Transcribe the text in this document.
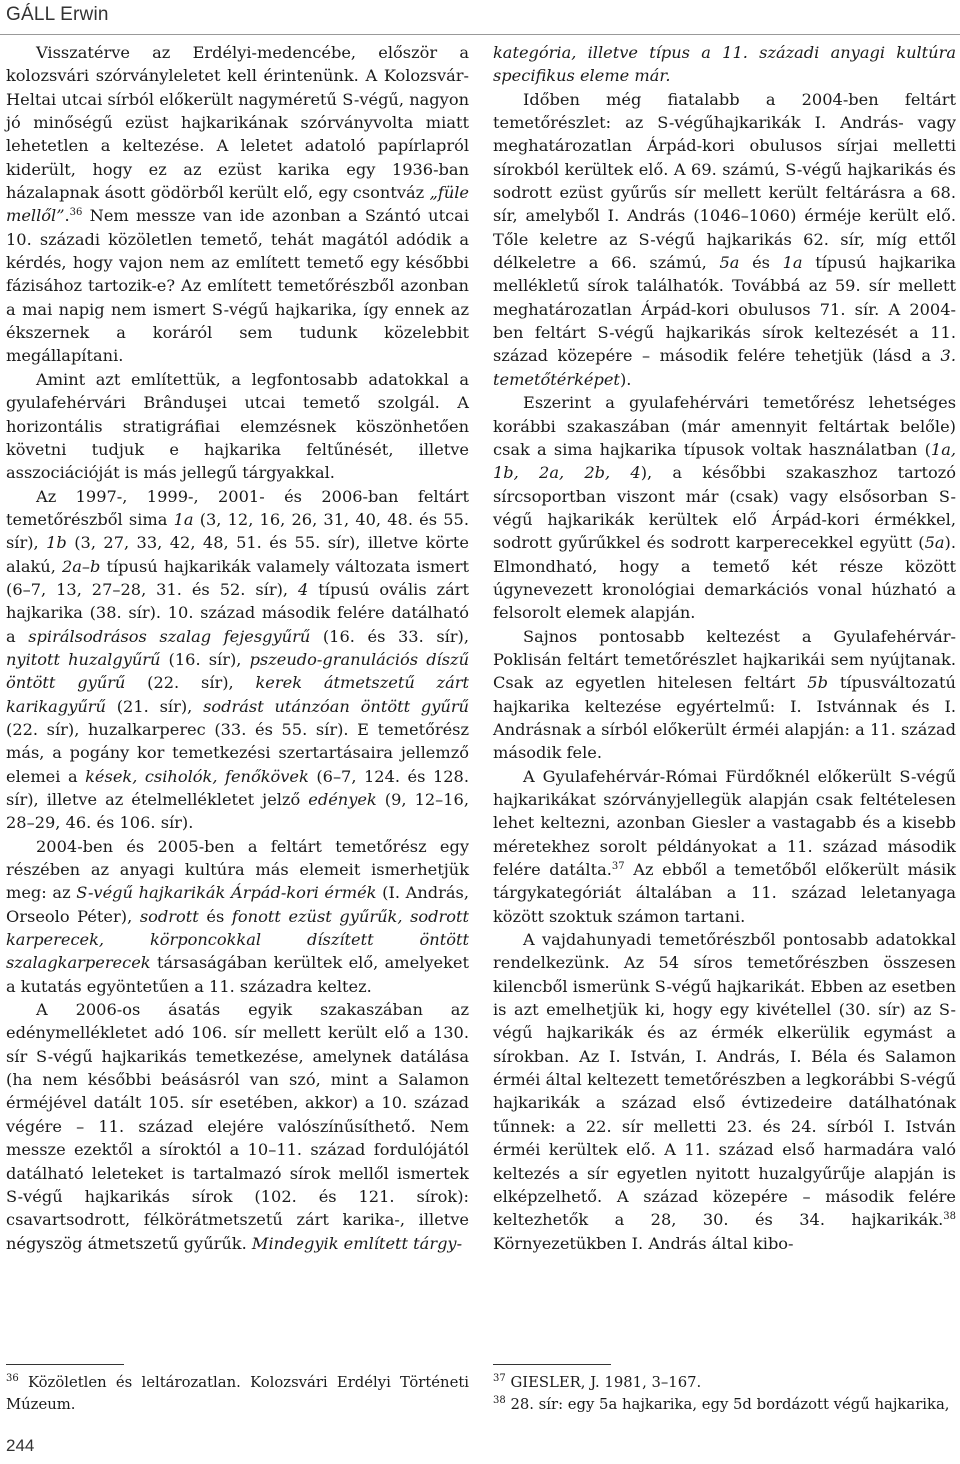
GÁLL Erwin

Visszatérve az Erdélyi-medencébe, először a kolozsvári szórványleletet kell érintenünk. A Kolozsvár-Heltai utcai sírból előkerült nagyméretű S-végű, nagyon jó minőségű ezüst hajkarikának szórványvolta miatt lehetetlen a keltezése. A leletet adatoló papírlapról kiderült, hogy ez az ezüst karika egy 1936-ban házalapnak ásott gödörből került elő, egy csontváz „füle mellől”.$^{36}$ Nem messze van ide azonban a Szántó utcai 10. századi közöletlen temető, tehát magától adódik a kérdés, hogy vajon nem az említett temető egy későbbi fázisához tartozik-e? Az említett temetőrészből azonban a mai napig nem ismert S-végű hajkarika, így ennek az ékszernek a koráról sem tudunk közelebbit megállapítani.

Amint azt említettük, a legfontosabb adatokkal a gyulafehérvári Brânduşei utcai temető szolgál. A horizontális stratigráfiai elemzésnek köszönhetően követni tudjuk e hajkarika feltűnését, illetve asszociációját is más jellegű tárgyakkal.

Az 1997-, 1999-, 2001- és 2006-ban feltárt temetőrészből sima 1a (3, 12, 16, 26, 31, 40, 48. és 55. sír), 1b (3, 27, 33, 42, 48, 51. és 55. sír), illetve körte alakú, 2a–b típusú hajkarikák valamely változata ismert (6–7, 13, 27–28, 31. és 52. sír), 4 típusú ovális zárt hajkarika (38. sír). 10. század második felére datálható a spirálsodrásos szalag fejesgyűrű (16. és 33. sír), nyitott huzalgyűrű (16. sír), pszeudo-granulációs díszű öntött gyűrű (22. sír), kerek átmetszetű zárt karikagyűrű (21. sír), sodrást utánzóan öntött gyűrű (22. sír), huzalkarperec (33. és 55. sír). E temetőrész más, a pogány kor temetkezési szertartásaira jellemző elemei a kések, csiholók, fenőkövek (6–7, 124. és 128. sír), illetve az ételmellékletet jelző edények (9, 12–16, 28–29, 46. és 106. sír).

2004-ben és 2005-ben a feltárt temetőrész egy részében az anyagi kultúra más elemeit ismerhetjük meg: az S-végű hajkarikák Árpád-kori érmék (I. András, Orseolo Péter), sodrott és fonott ezüst gyűrűk, sodrott karperecek, körponcokkal díszített öntött szalagkarperecek társaságában kerültek elő, amelyeket a kutatás egyöntetűen a 11. századra keltez.

A 2006-os ásatás egyik szakaszában az edénymellékletet adó 106. sír mellett került elő a 130. sír S-végű hajkarikás temetkezése, amelynek datálása (ha nem későbbi beásásról van szó, mint a Salamon érméjével datált 105. sír esetében, akkor) a 10. század végére – 11. század elejére valószínűsíthető. Nem messze ezektől a síroktól a 10–11. század fordulójától datálható leleteket is tartalmazó sírok mellől ismertek S-végű hajkarikás sírok (102. és 121. sírok): csavartsodrott, félkörátmetszetű zárt karika-, illetve négyszög átmetszetű gyűrűk. Mindegyik említett tárgy-

kategória, illetve típus a 11. századi anyagi kultúra specifikus eleme már.

Időben még fiatalabb a 2004-ben feltárt temetőrészlet: az S-végűhajkarikák I. András- vagy meghatározatlan Árpád-kori obulusos sírjai melletti sírokból kerültek elő. A 69. számú, S-végű hajkarikás és sodrott ezüst gyűrűs sír mellett került feltárásra a 68. sír, amelyből I. András (1046–1060) érméje került elő. Tőle keletre az S-végű hajkarikás 62. sír, míg ettől délkeletre a 66. számú, 5a és 1a típusú hajkarika mellékletű sírok találhatók. Továbbá az 59. sír mellett meghatározatlan Árpád-kori obulusos 71. sír. A 2004-ben feltárt S-végű hajkarikás sírok keltezését a 11. század közepére – második felére tehetjük (lásd a 3. temetőtérképet).

Eszerint a gyulafehérvári temetőrész lehetséges korábbi szakaszában (már amennyit feltártak belőle) csak a sima hajkarika típusok voltak használatban (1a, 1b, 2a, 2b, 4), a későbbi szakaszhoz tartozó sírcsoportban viszont már (csak) vagy elsősorban S-végű hajkarikák kerültek elő Árpád-kori érmékkel, sodrott gyűrűkkel és sodrott karperecekkel együtt (5a). Elmondható, hogy a temető két része között úgynevezett kronológiai demarkációs vonal húzható a felsorolt elemek alapján.

Sajnos pontosabb keltezést a Gyulafehérvár-Poklisán feltárt temetőrészlet hajkarikái sem nyújtanak. Csak az egyetlen hitelesen feltárt 5b típusváltozatú hajkarika keltezése egyértelmű: I. Istvánnak és I. Andrásnak a sírból előkerült érméi alapján: a 11. század második fele.

A Gyulafehérvár-Római Fürdőknél előkerült S-végű hajkarikákat szórványjellegük alapján csak feltételesen lehet keltezni, azonban Giesler a vastagabb és a kisebb méretekhez sorolt példányokat a 11. század második felére datálta.$^{37}$ Az ebből a temetőből előkerült másik tárgykategóriát általában a 11. század leletanyaga között szoktuk számon tartani.

A vajdahunyadi temetőrészből pontosabb adatokkal rendelkezünk. Az 54 síros temetőrészben összesen kilencből ismerünk S-végű hajkarikát. Ebben az esetben is azt emelhetjük ki, hogy egy kivétellel (30. sír) az S-végű hajkarikák és az érmék elkerülik egymást a sírokban. Az I. István, I. András, I. Béla és Salamon érméi által keltezett temetőrészben a legkorábbi S-végű hajkarikák a század első évtizedeire datálhatónak tűnnek: a 22. sír melletti 23. és 24. sírból I. István érméi kerültek elő. A 11. század első harmadára való keltezés a sír egyetlen nyitott huzalgyűrűje alapján is elképzelhető. A század közepére – második felére keltezhetők a 28, 30. és 34. hajkarikák.$^{38}$ Környezetükben I. András által kibo-

$^{36}$ Közöletlen és leltározatlan. Kolozsvári Erdélyi Történeti Múzeum.
$^{37}$ GIESLER, J. 1981, 3–167.
$^{38}$ 28. sír: egy 5a hajkarika, egy 5d bordázott végű hajkarika,
244
